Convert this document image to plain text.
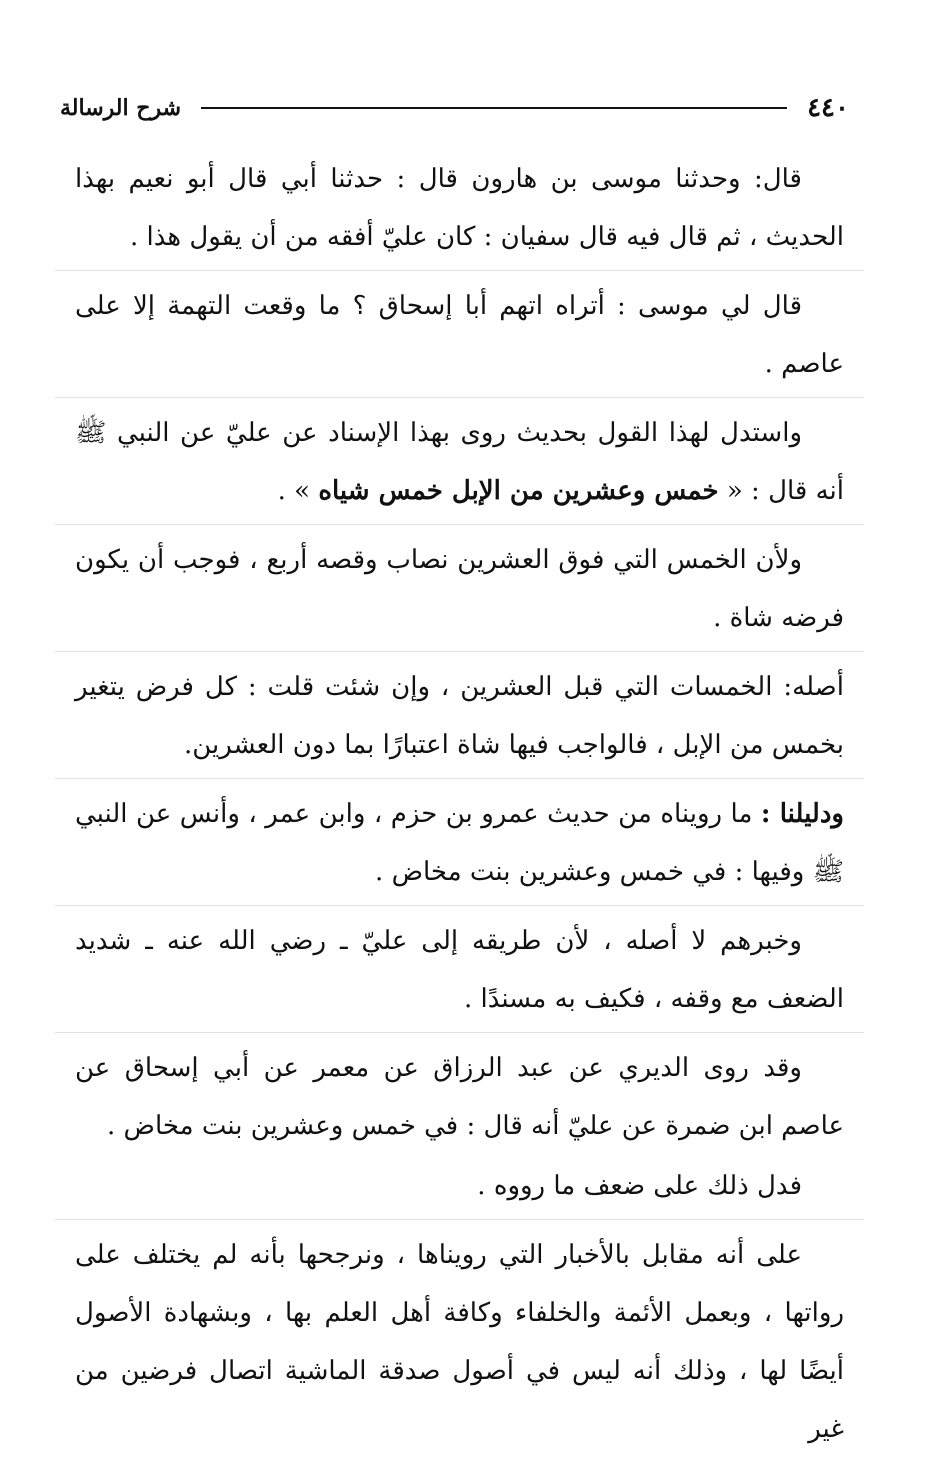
٤٤٠
شرح الرسالة

قال: وحدثنا موسى بن هارون قال : حدثنا أبي قال أبو نعيم بهذا الحديث ، ثم قال فيه قال سفيان : كان عليّ أفقه من أن يقول هذا .

قال لي موسى : أتراه اتهم أبا إسحاق ؟ ما وقعت التهمة إلا على عاصم .

واستدل لهذا القول بحديث روى بهذا الإسناد عن عليّ عن النبي ﷺ أنه قال : « خمس وعشرين من الإبل خمس شياه » .

ولأن الخمس التي فوق العشرين نصاب وقصه أربع ، فوجب أن يكون فرضه شاة .

أصله: الخمسات التي قبل العشرين ، وإن شئت قلت : كل فرض يتغير بخمس من الإبل ، فالواجب فيها شاة اعتبارًا بما دون العشرين.

ودليلنا : ما رويناه من حديث عمرو بن حزم ، وابن عمر ، وأنس عن النبي ﷺ وفيها : في خمس وعشرين بنت مخاض .

وخبرهم لا أصله ، لأن طريقه إلى عليّ ـ رضي الله عنه ـ شديد الضعف مع وقفه ، فكيف به مسندًا .

وقد روى الديري عن عبد الرزاق عن معمر عن أبي إسحاق عن عاصم ابن ضمرة عن عليّ أنه قال : في خمس وعشرين بنت مخاض .

فدل ذلك على ضعف ما رووه .

على أنه مقابل بالأخبار التي رويناها ، ونرجحها بأنه لم يختلف على رواتها ، وبعمل الأئمة والخلفاء وكافة أهل العلم بها ، وبشهادة الأصول أيضًا لها ، وذلك أنه ليس في أصول صدقة الماشية اتصال فرضين من غير
